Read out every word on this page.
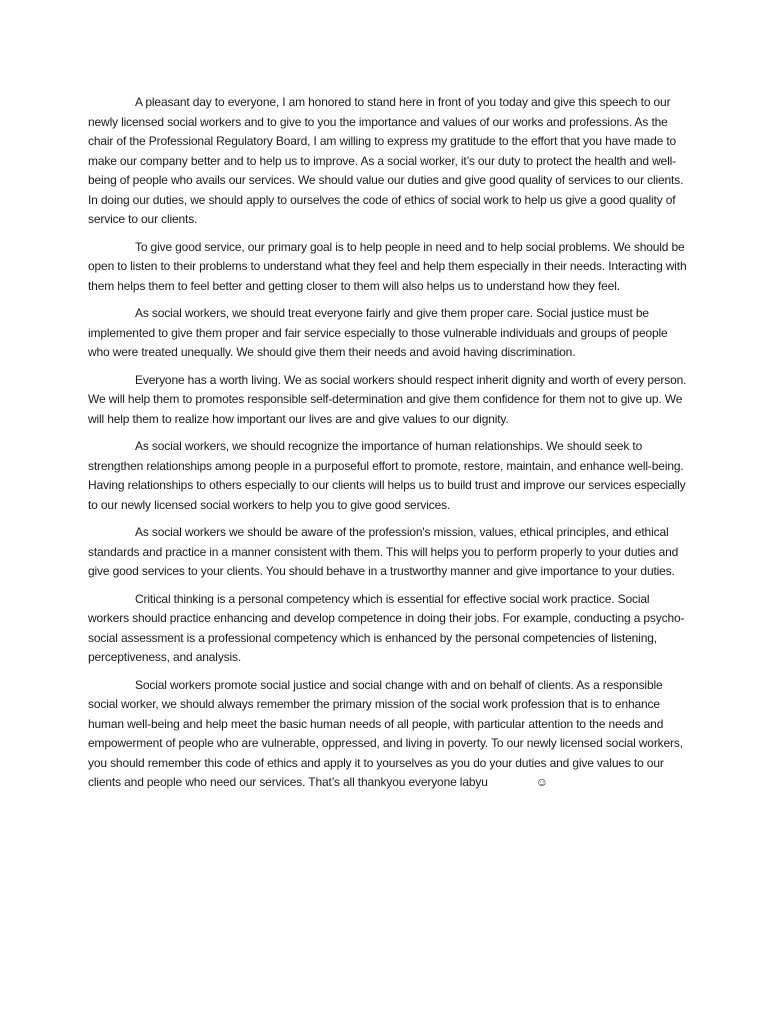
A pleasant day to everyone, I am honored to stand here in front of you today and give this speech to our newly licensed social workers and to give to you the importance and values of our works and professions. As the chair of the Professional Regulatory Board, I am willing to express my gratitude to the effort that you have made to make our company better and to help us to improve. As a social worker, it’s our duty to protect the health and well-being of people who avails our services. We should value our duties and give good quality of services to our clients. In doing our duties, we should apply to ourselves the code of ethics of social work to help us give a good quality of service to our clients.

To give good service, our primary goal is to help people in need and to help social problems. We should be open to listen to their problems to understand what they feel and help them especially in their needs. Interacting with them helps them to feel better and getting closer to them will also helps us to understand how they feel.

As social workers, we should treat everyone fairly and give them proper care. Social justice must be implemented to give them proper and fair service especially to those vulnerable individuals and groups of people who were treated unequally. We should give them their needs and avoid having discrimination.

Everyone has a worth living. We as social workers should respect inherit dignity and worth of every person. We will help them to promotes responsible self-determination and give them confidence for them not to give up. We will help them to realize how important our lives are and give values to our dignity.

As social workers, we should recognize the importance of human relationships. We should seek to strengthen relationships among people in a purposeful effort to promote, restore, maintain, and enhance well-being. Having relationships to others especially to our clients will helps us to build trust and improve our services especially to our newly licensed social workers to help you to give good services.

As social workers we should be aware of the profession's mission, values, ethical principles, and ethical standards and practice in a manner consistent with them. This will helps you to perform properly to your duties and give good services to your clients. You should behave in a trustworthy manner and give importance to your duties.

Critical thinking is a personal competency which is essential for effective social work practice. Social workers should practice enhancing and develop competence in doing their jobs. For example, conducting a psycho-social assessment is a professional competency which is enhanced by the personal competencies of listening, perceptiveness, and analysis.

Social workers promote social justice and social change with and on behalf of clients. As a responsible social worker, we should always remember the primary mission of the social work profession that is to enhance human well-being and help meet the basic human needs of all people, with particular attention to the needs and empowerment of people who are vulnerable, oppressed, and living in poverty. To our newly licensed social workers, you should remember this code of ethics and apply it to yourselves as you do your duties and give values to our clients and people who need our services. That’s all thankyou everyone labyu	☺
